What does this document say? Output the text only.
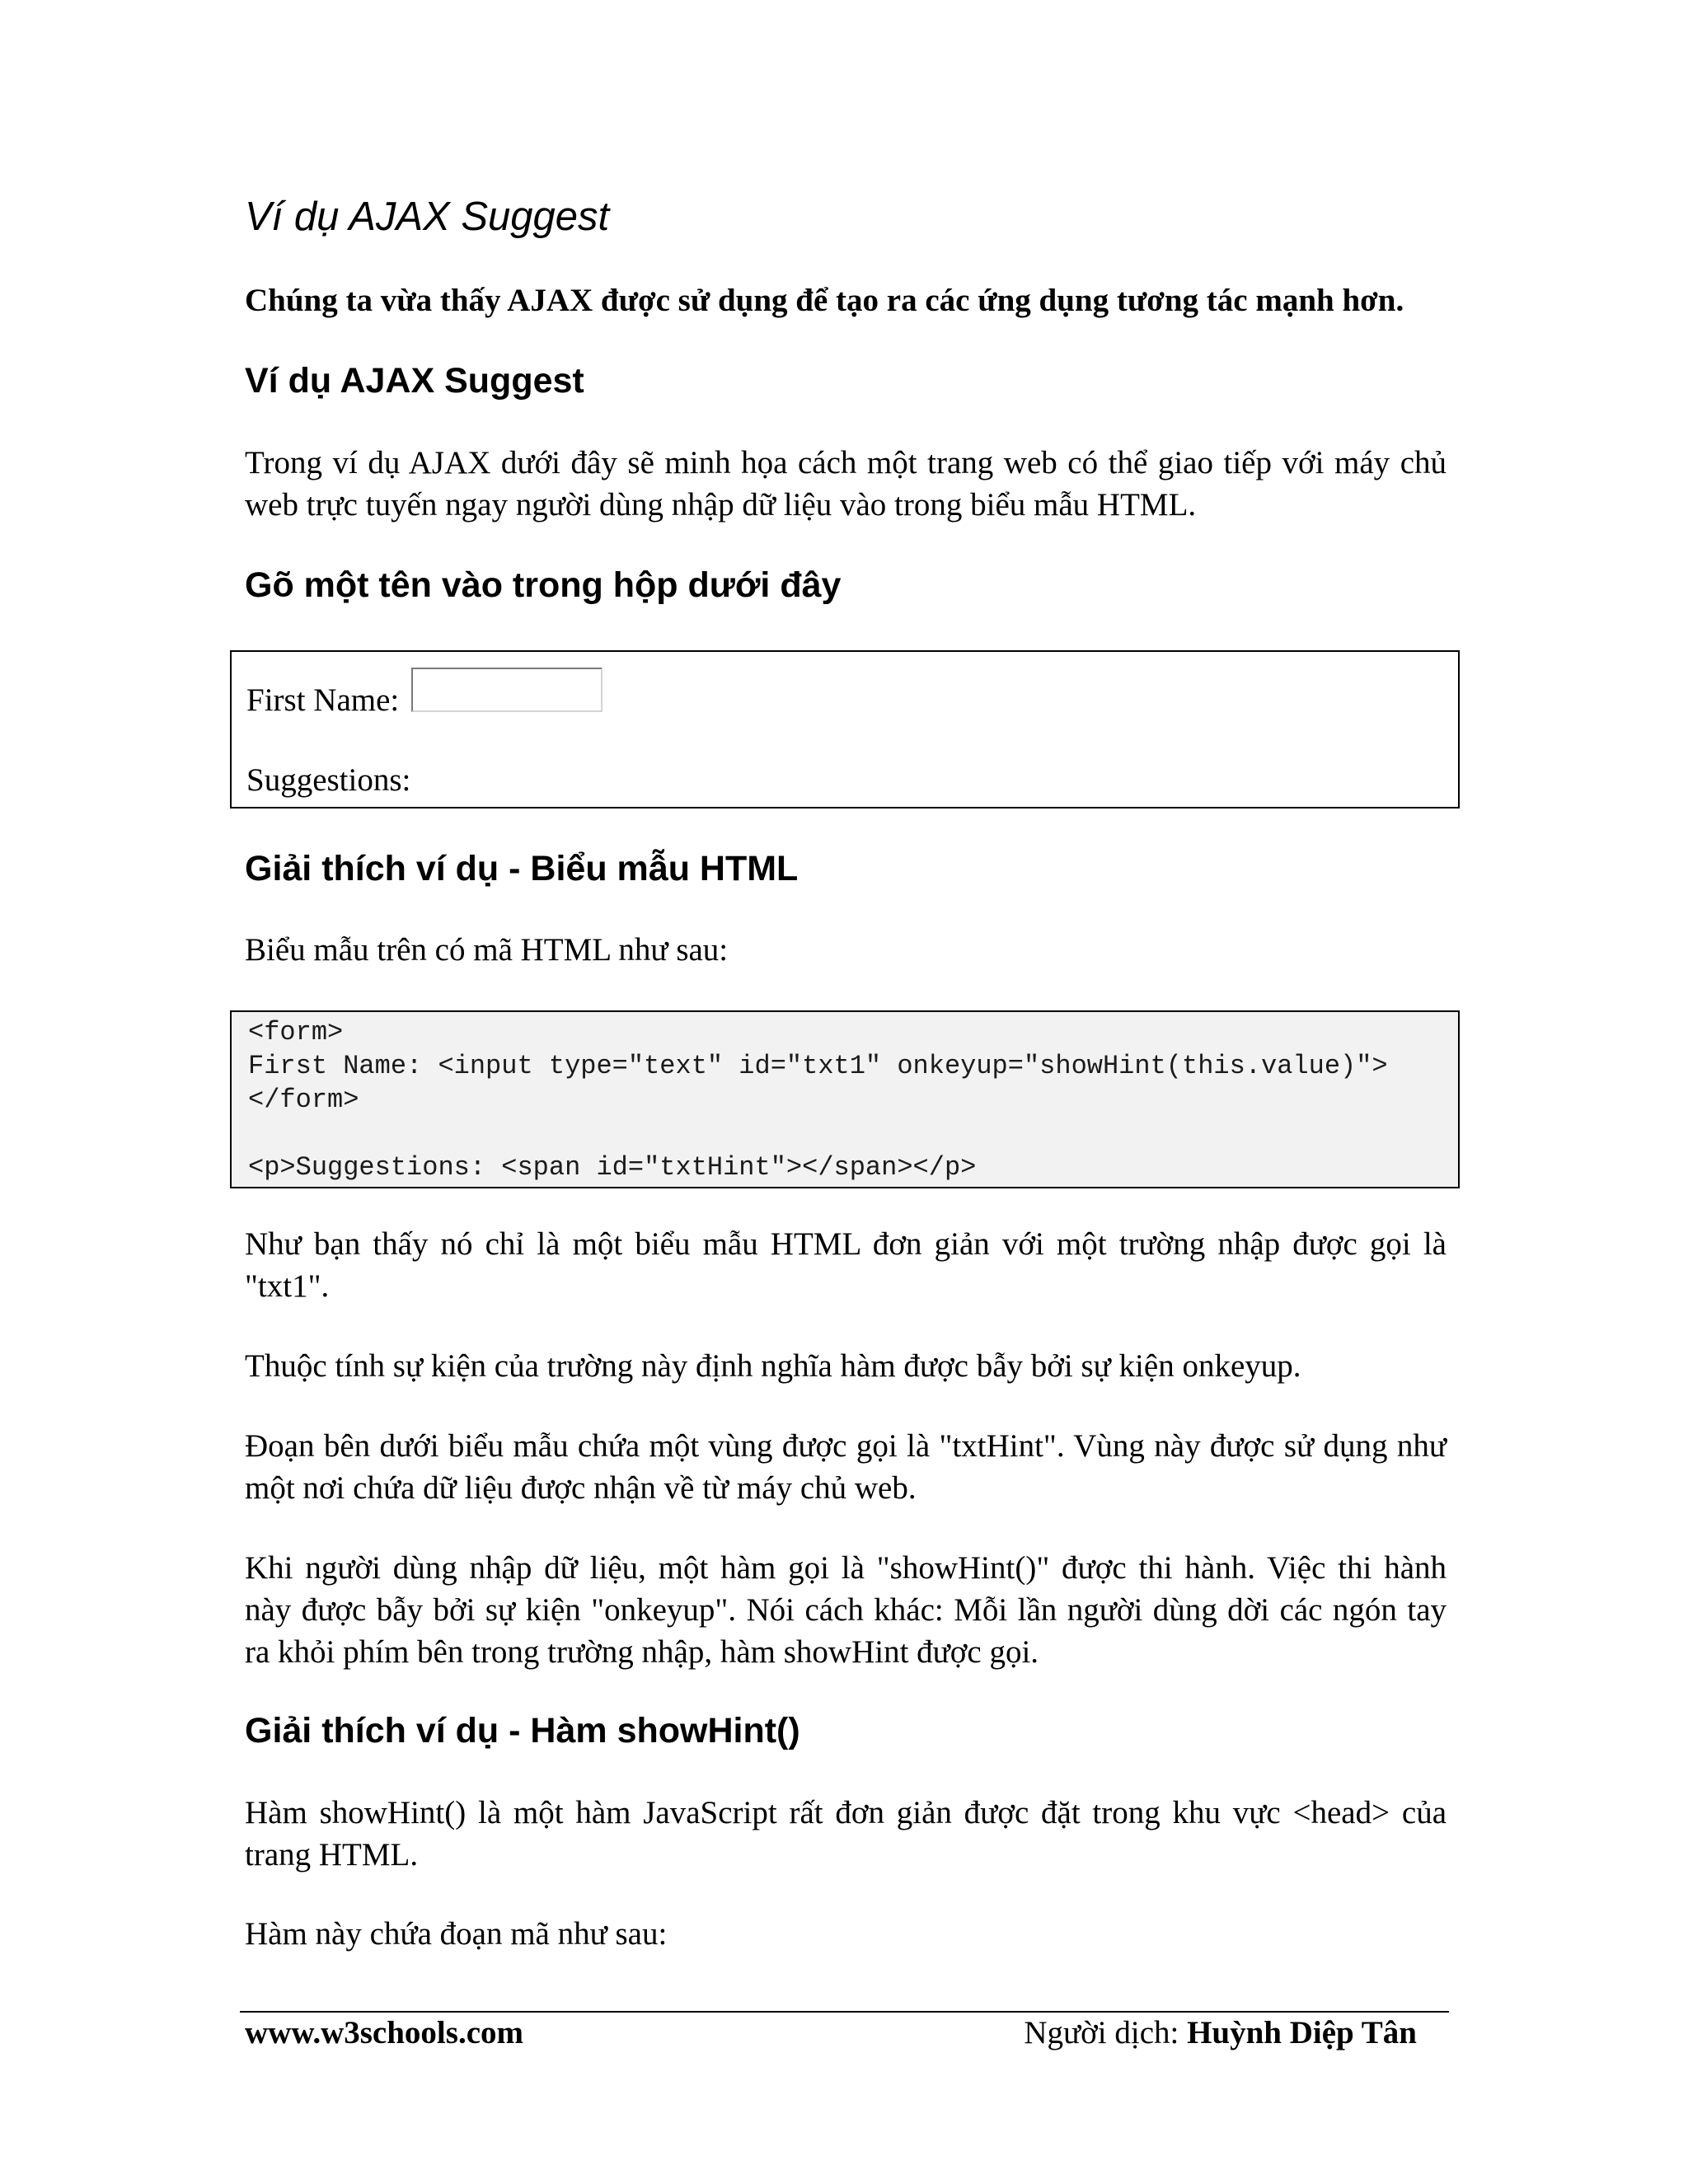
Ví dụ AJAX Suggest

Chúng ta vừa thấy AJAX được sử dụng để tạo ra các ứng dụng tương tác mạnh hơn.

Ví dụ AJAX Suggest
Trong ví dụ AJAX dưới đây sẽ minh họa cách một trang web có thể giao tiếp với máy chủ
web trực tuyến ngay người dùng nhập dữ liệu vào trong biểu mẫu HTML.
Gõ một tên vào trong hộp dưới đây
First Name:
Suggestions:
Giải thích ví dụ - Biểu mẫu HTML

Biểu mẫu trên có mã HTML như sau:

<form>
First Name: <input type="text" id="txt1" onkeyup="showHint(this.value)">
</form>
<p>Suggestions: <span id="txtHint"></span></p>
Như bạn thấy nó chỉ là một biểu mẫu HTML đơn giản với một trường nhập được gọi là
"txt1".

Thuộc tính sự kiện của trường này định nghĩa hàm được bẫy bởi sự kiện onkeyup.

Đoạn bên dưới biểu mẫu chứa một vùng được gọi là "txtHint". Vùng này được sử dụng như
một nơi chứa dữ liệu được nhận về từ máy chủ web.
Khi người dùng nhập dữ liệu, một hàm gọi là "showHint()" được thi hành. Việc thi hành
này được bẫy bởi sự kiện "onkeyup". Nói cách khác: Mỗi lần người dùng dời các ngón tay
ra khỏi phím bên trong trường nhập, hàm showHint được gọi.
Giải thích ví dụ - Hàm showHint()
Hàm showHint() là một hàm JavaScript rất đơn giản được đặt trong khu vực <head> của
trang HTML.

Hàm này chứa đoạn mã như sau:

www.w3schools.com	Người dịch: Huỳnh Diệp Tân
